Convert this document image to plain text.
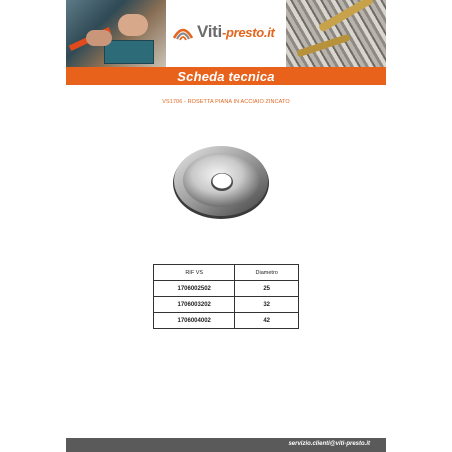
Viti-presto.it
Scheda tecnica
VS1706 - ROSETTA PIANA IN ACCIAIO ZINCATO
RIF VS	Diametro
1706002502	25
1706003202	32
1706004002	42
servizio.clienti@viti-presto.it
